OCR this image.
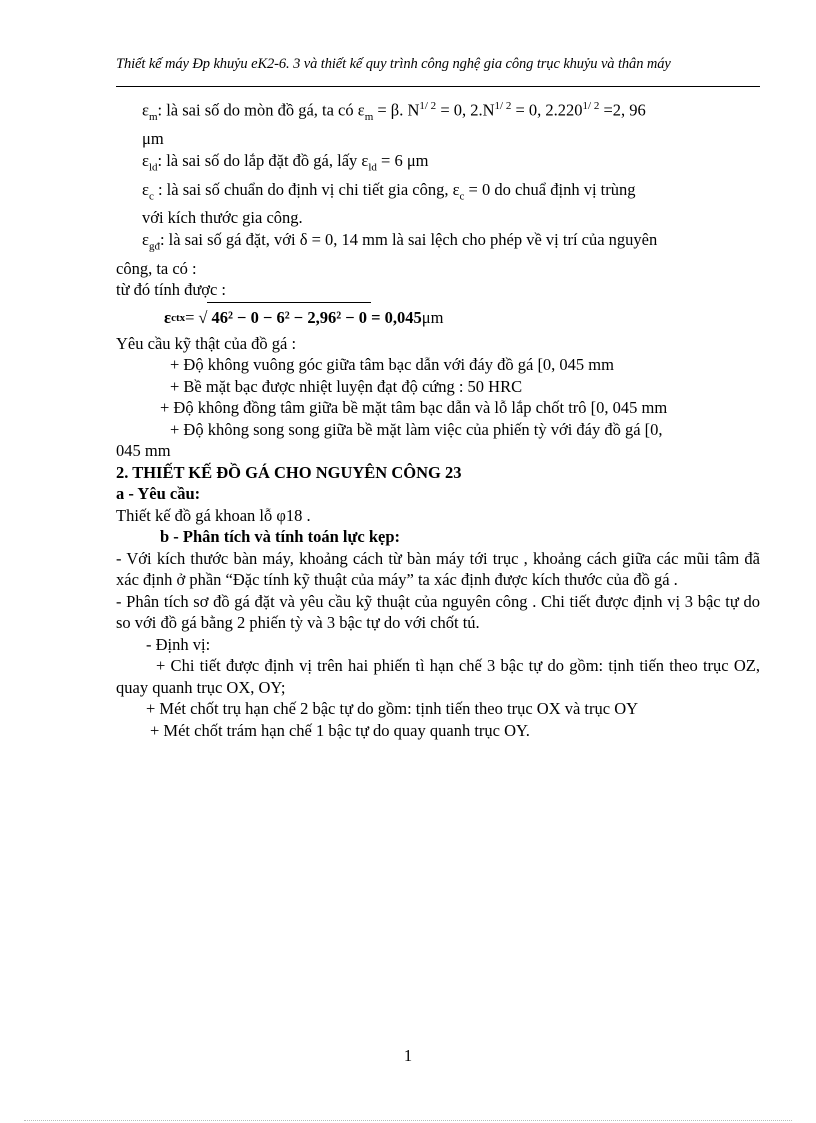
Thiết kế máy Đp khuỷu eK2-6. 3 và thiết kế quy trình công nghệ gia công trục khuỷu và thân máy

$\varepsilon_m$: là sai số do mòn đồ gá, ta có $\varepsilon_m = \beta$. $N^{1/ 2} = 0$, $2.N^{1/ 2} = 0$, $2.220^{1/ 2} =2$, 96

μm

$\varepsilon_{ld}$: là sai số do lắp đặt đồ gá, lấy $\varepsilon_{ld} = 6$ μm

$\varepsilon_c$ : là sai số chuẩn do định vị chi tiết gia công, $\varepsilon_c = 0$ do chuẩ định vị trùng

với kích thước gia công.

$\varepsilon_{gđ}$: là sai số gá đặt, với δ = 0, 14 mm là sai lệch cho phép về vị trí của nguyên

công, ta có :

từ đó tính được :

ε ctx = √ 46² − 0 − 6² − 2,96² − 0 = 0,045 μm

Yêu cầu kỹ thật của đồ gá :

+ Độ không vuông góc giữa tâm bạc dẫn với đáy đồ gá [0, 045 mm

+ Bề mặt bạc được nhiệt luyện đạt độ cứng : 50 HRC

+ Độ không đồng tâm giữa bề mặt tâm bạc dẫn và lỗ lắp chốt trô [0, 045 mm

+ Độ không song song giữa bề mặt làm việc của phiến tỳ với đáy đồ gá [0,

045 mm

2. THIẾT KẾ ĐỒ GÁ CHO NGUYÊN CÔNG 23

a - Yêu cầu:

Thiết kế đồ gá khoan lỗ φ18 .

b - Phân tích và tính toán lực kẹp:

- Với kích thước bàn máy, khoảng cách từ bàn máy tới trục , khoảng cách giữa các mũi tâm đã xác định ở phần “Đặc tính kỹ thuật của máy” ta xác định được kích thước của đồ gá .

- Phân tích sơ đồ gá đặt và yêu cầu kỹ thuật của nguyên công . Chi tiết được định vị 3 bậc tự do so với đồ gá bằng 2 phiến tỳ và 3 bậc tự do với chốt tú.

- Định vị:

+ Chi tiết được định vị trên hai phiến tì hạn chế 3 bậc tự do gồm: tịnh tiến theo trục OZ, quay quanh trục OX, OY;

+ Mét chốt trụ hạn chế 2 bậc tự do gồm: tịnh tiến theo trục OX và trục OY

+ Mét chốt trám hạn chế 1 bậc tự do quay quanh trục OY.

1
